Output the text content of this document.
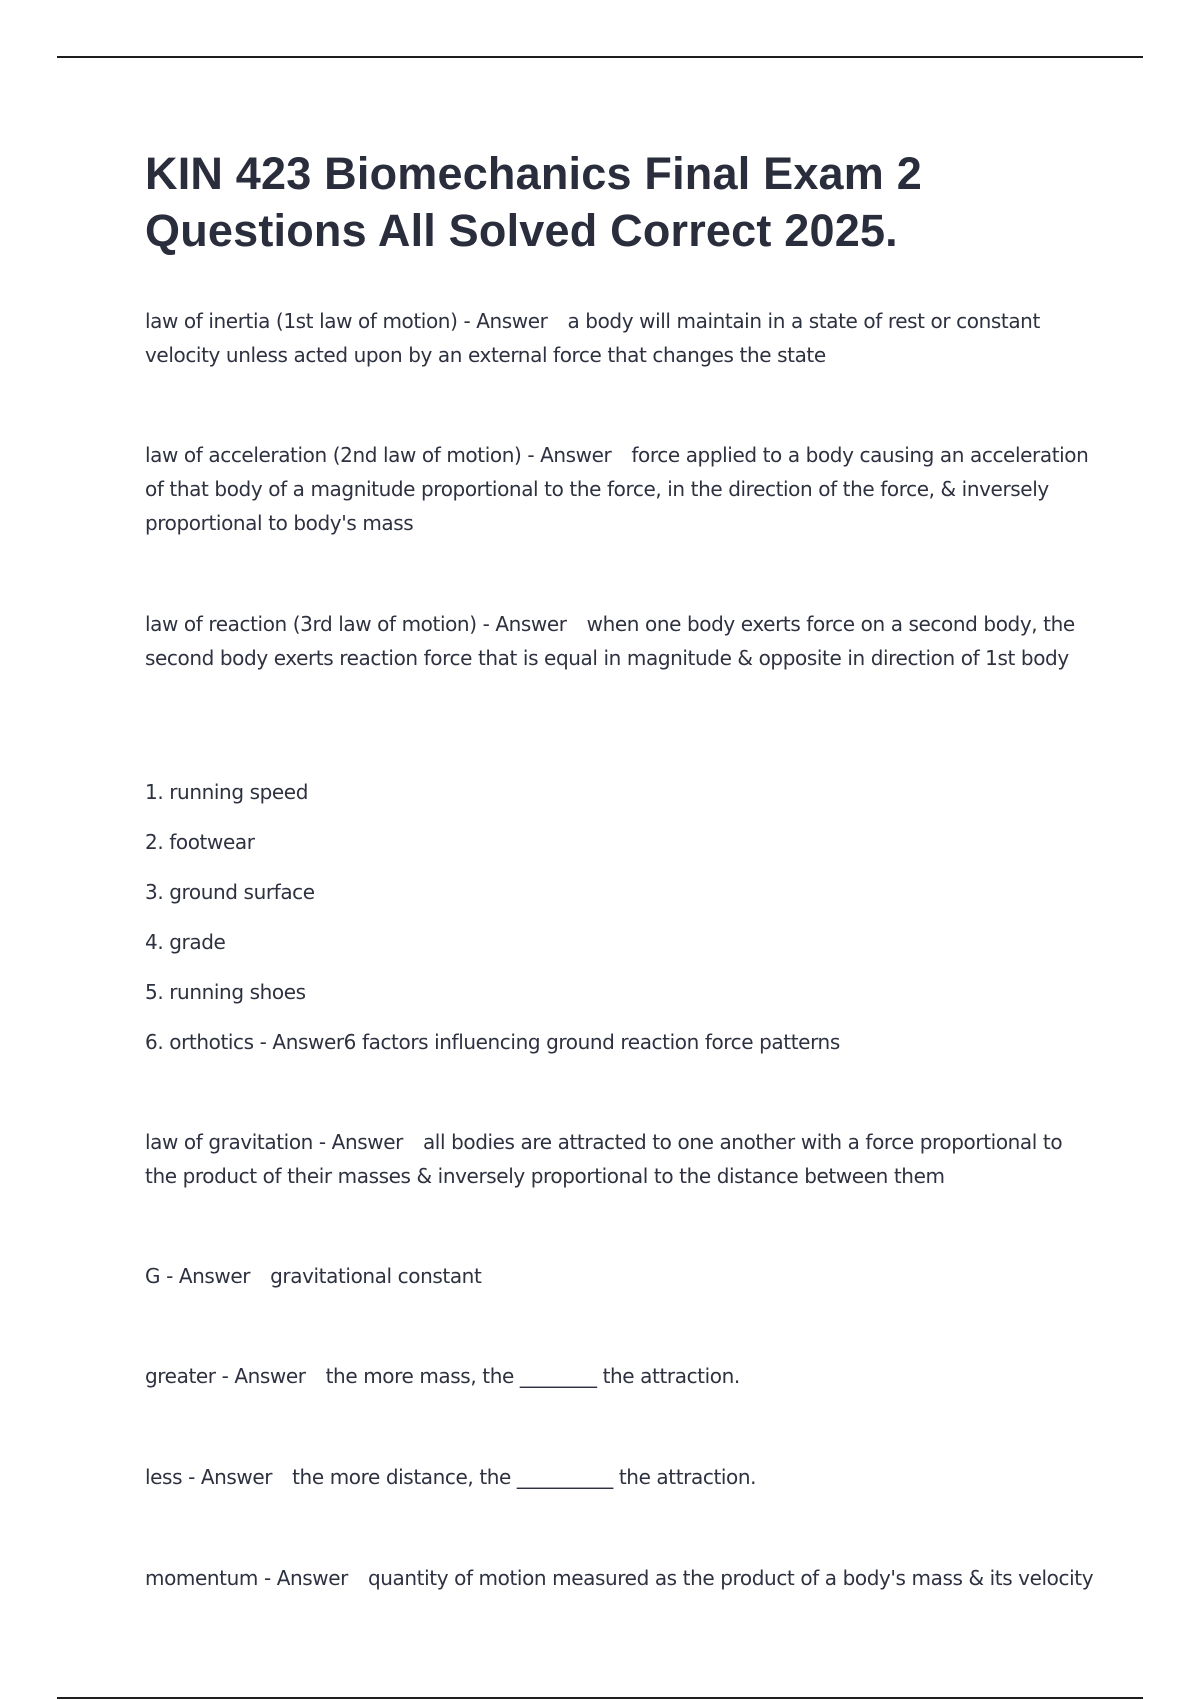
KIN 423 Biomechanics Final Exam 2 Questions All Solved Correct 2025.

law of inertia (1st law of motion) - Answer a body will maintain in a state of rest or constant velocity unless acted upon by an external force that changes the state

law of acceleration (2nd law of motion) - Answer force applied to a body causing an acceleration of that body of a magnitude proportional to the force, in the direction of the force, & inversely proportional to body's mass

law of reaction (3rd law of motion) - Answer when one body exerts force on a second body, the second body exerts reaction force that is equal in magnitude & opposite in direction of 1st body

1. running speed

2. footwear

3. ground surface

4. grade

5. running shoes

6. orthotics - Answer6 factors influencing ground reaction force patterns

law of gravitation - Answer all bodies are attracted to one another with a force proportional to the product of their masses & inversely proportional to the distance between them

G - Answer gravitational constant

greater - Answer the more mass, the ________ the attraction.

less - Answer the more distance, the __________ the attraction.

momentum - Answer quantity of motion measured as the product of a body's mass & its velocity
